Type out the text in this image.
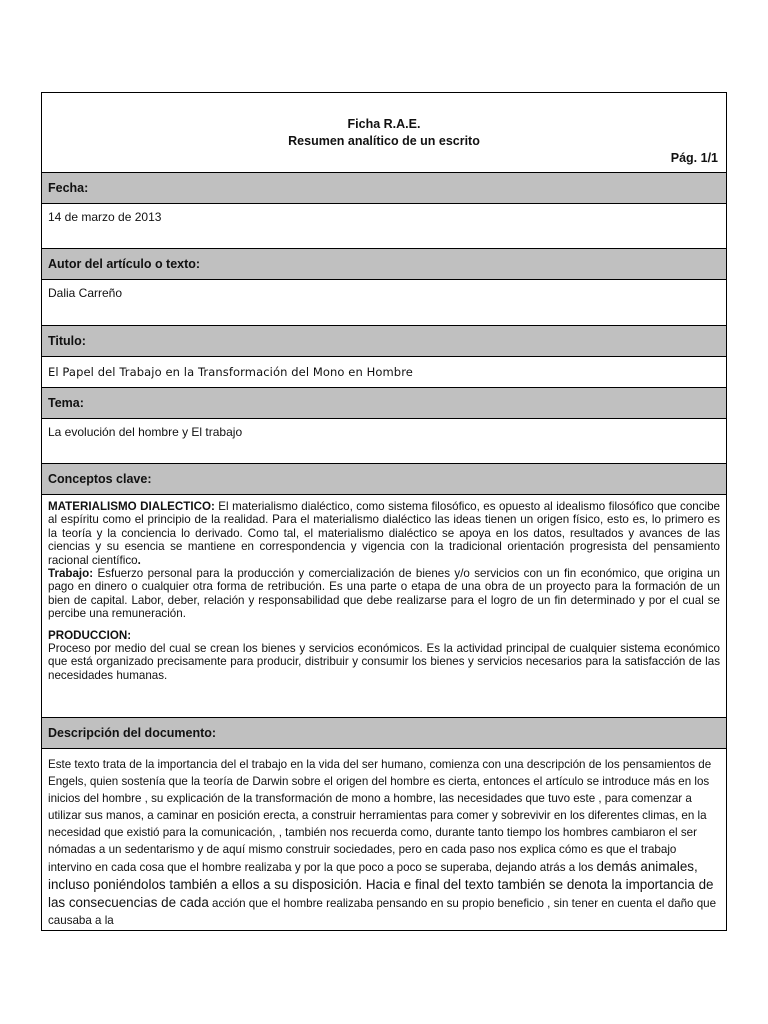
Ficha R.A.E.
Resumen analítico de un escrito
Pág. 1/1
Fecha:
14 de marzo de 2013
Autor del artículo o texto:
Dalia Carreño
Titulo:
El Papel del Trabajo en la Transformación del Mono en Hombre
Tema:
La evolución del hombre y El trabajo
Conceptos clave:

MATERIALISMO DIALECTICO: El materialismo dialéctico, como sistema filosófico, es opuesto al idealismo filosófico que concibe al espíritu como el principio de la realidad. Para el materialismo dialéctico las ideas tienen un origen físico, esto es, lo primero es la teoría y la conciencia lo derivado. Como tal, el materialismo dialéctico se apoya en los datos, resultados y avances de las ciencias y su esencia se mantiene en correspondencia y vigencia con la tradicional orientación progresista del pensamiento racional científico.

Trabajo: Esfuerzo personal para la producción y comercialización de bienes y/o servicios con un fin económico, que origina un pago en dinero o cualquier otra forma de retribución. Es una parte o etapa de una obra de un proyecto para la formación de un bien de capital. Labor, deber, relación y responsabilidad que debe realizarse para el logro de un fin determinado y por el cual se percibe una remuneración.

PRODUCCION:

Proceso por medio del cual se crean los bienes y servicios económicos. Es la actividad principal de cualquier sistema económico que está organizado precisamente para producir, distribuir y consumir los bienes y servicios necesarios para la satisfacción de las necesidades humanas.

Descripción del documento:
Este texto trata de la importancia del el trabajo en la vida del ser humano, comienza con una descripción de los pensamientos de Engels, quien sostenía que la teoría de Darwin sobre el origen del hombre es cierta, entonces el artículo se introduce más en los inicios del hombre , su explicación de la transformación de mono a hombre, las necesidades que tuvo este , para comenzar a utilizar sus manos, a caminar en posición erecta, a construir herramientas para comer y sobrevivir en los diferentes climas, en la necesidad que existió para la comunicación, , también nos recuerda como, durante tanto tiempo los hombres cambiaron el ser nómadas a un sedentarismo y de aquí mismo construir sociedades, pero en cada paso nos explica cómo es que el trabajo intervino en cada cosa que el hombre realizaba y por la que poco a poco se superaba, dejando atrás a los demás animales, incluso poniéndolos también a ellos a su disposición. Hacia e final del texto también se denota la importancia de las consecuencias de cada acción que el hombre realizaba pensando en su propio beneficio , sin tener en cuenta el daño que causaba a la
